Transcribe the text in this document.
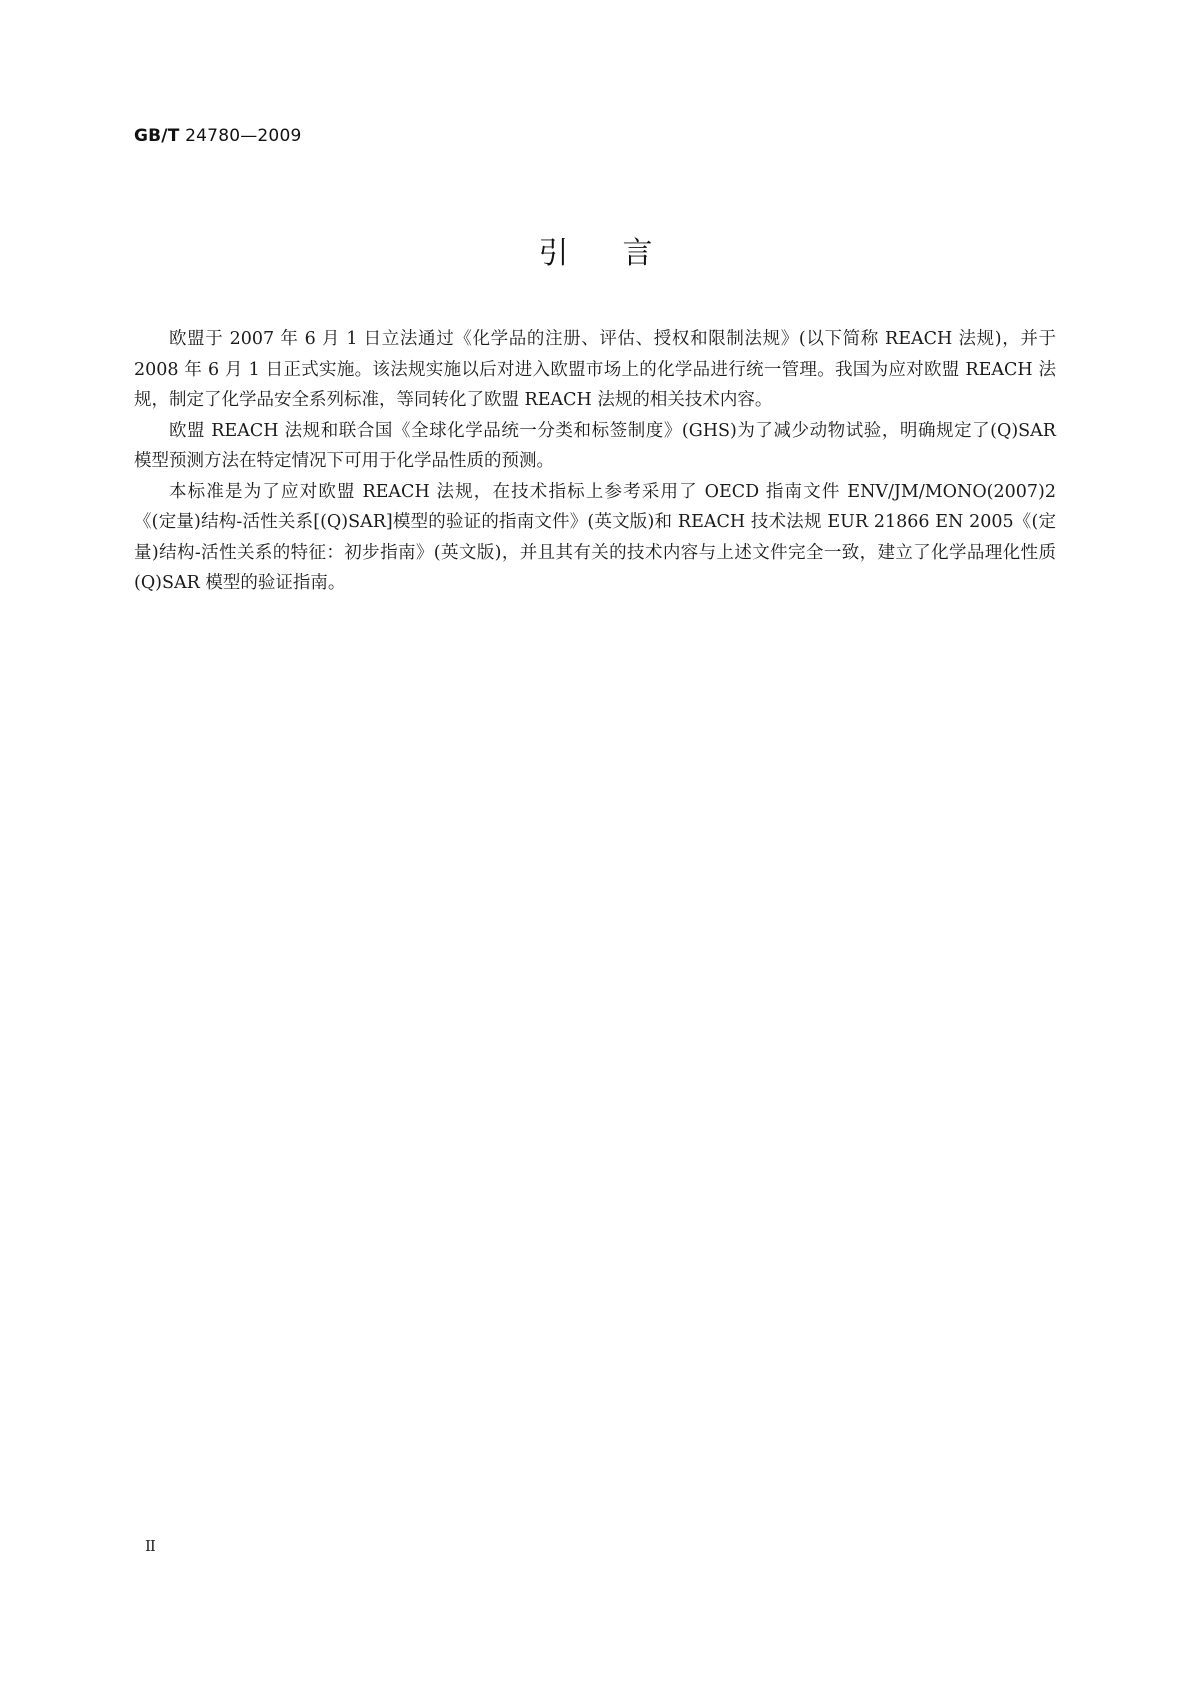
GB/T 24780—2009
引言

欧盟于 2007 年 6 月 1 日立法通过《化学品的注册、评估、授权和限制法规》(以下简称 REACH 法规)，并于 2008 年 6 月 1 日正式实施。该法规实施以后对进入欧盟市场上的化学品进行统一管理。我国为应对欧盟 REACH 法规，制定了化学品安全系列标准，等同转化了欧盟 REACH 法规的相关技术内容。

欧盟 REACH 法规和联合国《全球化学品统一分类和标签制度》(GHS)为了减少动物试验，明确规定了(Q)SAR 模型预测方法在特定情况下可用于化学品性质的预测。

本标准是为了应对欧盟 REACH 法规，在技术指标上参考采用了 OECD 指南文件 ENV/JM/MONO(2007)2《(定量)结构-活性关系[(Q)SAR]模型的验证的指南文件》(英文版)和 REACH 技术法规 EUR 21866 EN 2005《(定量)结构-活性关系的特征：初步指南》(英文版)，并且其有关的技术内容与上述文件完全一致，建立了化学品理化性质(Q)SAR 模型的验证指南。

II
